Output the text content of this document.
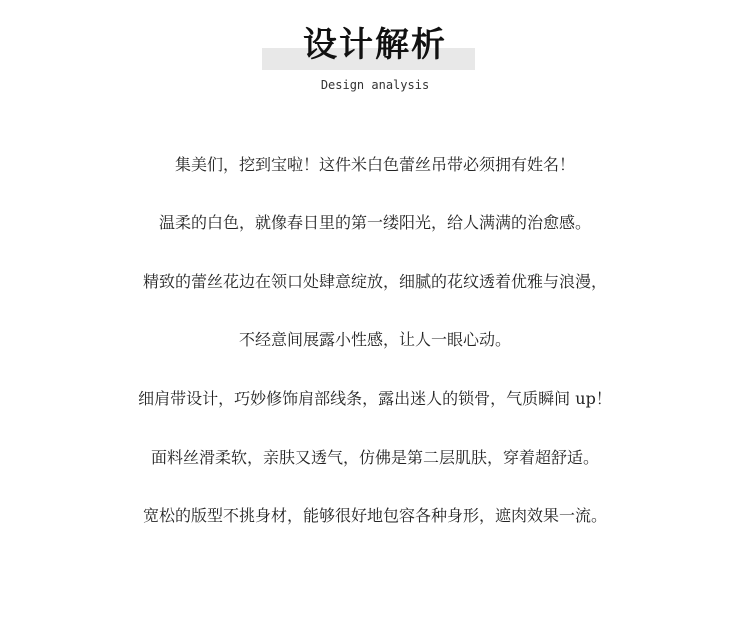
设计解析
Design analysis
集美们，挖到宝啦！这件米白色蕾丝吊带必须拥有姓名！
温柔的白色，就像春日里的第一缕阳光，给人满满的治愈感。
精致的蕾丝花边在领口处肆意绽放，细腻的花纹透着优雅与浪漫，
不经意间展露小性感，让人一眼心动。
细肩带设计，巧妙修饰肩部线条，露出迷人的锁骨，气质瞬间 up！
面料丝滑柔软，亲肤又透气，仿佛是第二层肌肤，穿着超舒适。
宽松的版型不挑身材，能够很好地包容各种身形，遮肉效果一流。
